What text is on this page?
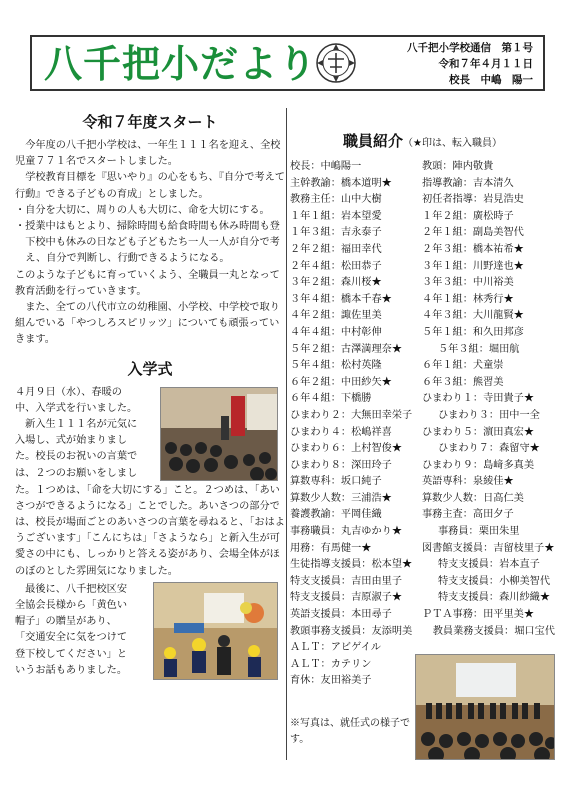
八千把小だより	八千把小学校通信　第１号
令和７年４月１１日
校長　中嶋　陽一
令和７年度スタート

今年度の八千把小学校は、一年生１１１名を迎え、全校児童７７１名でスタートしました。

学校教育目標を『思いやり』の心をもち、『自分で考えて行動』できる子どもの育成」としました。

・自分を大切に、周りの人も大切に、命を大切にする。

・授業中はもとより、掃除時間も給食時間も休み時間も登下校中も休みの日なども子どもたち一人一人が自分で考え、自分で判断し、行動できるようになる。

このような子どもに育っていくよう、全職員一丸となって教育活動を行っていきます。

また、全ての八代市立の幼稚園、小学校、中学校で取り組んでいる「やつしろスピリッツ」についても頑張っていきます。

入学式
４月９日（水）、春暖の
中、入学式を行いました。
　新入生１１１名が元気に
入場し、式が始まりまし
た。校長のお祝いの言葉で
は、２つのお願いをしまし

た。１つめは、「命を大切にする」こと。２つめは、「あいさつができるようになる」ことでした。あいさつの部分では、校長が場面ごとのあいさつの言葉を尋ねると、「おはようございます」「こんにちは」「さようなら」と新入生が可愛さの中にも、しっかりと答える姿があり、会場全体がほのぼのとした雰囲気になりました。

　最後に、八千把校区安
全協会長様から「黄色い
帽子」の贈呈があり、
「交通安全に気をつけて
登下校してください」と
いうお話もありました。
職員紹介（★印は、転入職員）
校長：中嶋陽一	教頭：陣内敬貴
主幹教諭：橋本道明★	指導教諭：吉本清久
教務主任：山中大樹	初任者指導：岩見浩史
１年１組：岩本望愛	１年２組：廣松時子
１年３組：吉永泰子	２年１組：副島美智代
２年２組：福田幸代	２年３組：橋本祐希★
２年４組：松田恭子	３年１組：川野達也★
３年２組：森川桜★	３年３組：中川裕美
３年４組：橋本千春★	４年１組：林秀行★
４年２組：諏佐里美	４年３組：大川龍賢★
４年４組：中村彰伸	５年１組：和久田邦彦
５年２組：古澤満理奈★	５年３組：堀田航
５年４組：松村英隆	６年１組：犬童崇
６年２組：中田紗矢★	６年３組：熊習美
６年４組：下橋勝	ひまわり１：寺田貴子★
ひまわり２：大無田幸栄子	ひまわり３：田中一全
ひまわり４：松嶋祥喜	ひまわり５：濵田真宏★
ひまわり６：上村智俊★	ひまわり７：森留守★
ひまわり８：深田玲子	ひまわり９：島﨑多真美
算数専科：坂口純子	英語専科：泉綾佳★
算数少人数：三浦浩★	算数少人数：日高仁美
養護教諭：平岡佳織	事務主査：高田夕子
事務職員：丸吉ゆかり★	事務員：栗田朱里
用務：有馬健一★	図書館支援員：吉留枝里子★
生徒指導支援員：松本望★	特支支援員：岩本直子
特支支援員：吉田由里子	特支支援員：小柳美智代
特支支援員：吉原淑子★	特支支援員：森川紗織★
英語支援員：本田尋子	ＰＴＡ事務：田平里美★
教頭事務支援員：友添明美	教員業務支援員：堀口宝代
ＡＬＴ：アビゲイル
ＡＬＴ：カテリン
育休：友田裕美子
※写真は、就任式の様子です。
